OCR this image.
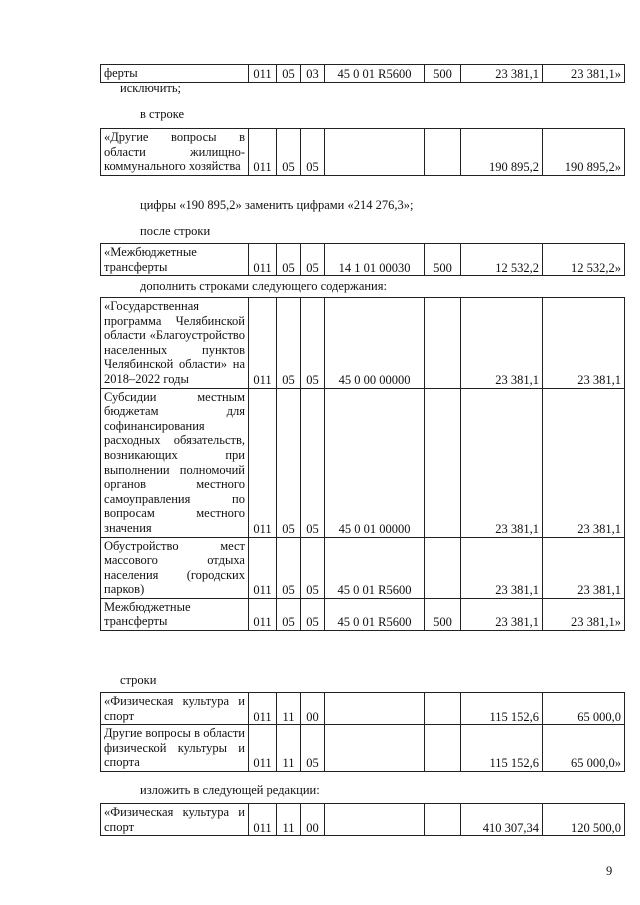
ферты	011	05	03	45 0 01 R5600	500	23 381,1	23 381,1»
исключить;
в строке
«Другие вопросы в области жилищно-коммунального хозяйства	011	05	05			190 895,2	190 895,2»
цифры «190 895,2» заменить цифрами «214 276,3»;
после строки
«Межбюджетные трансферты	011	05	05	14 1 01 00030	500	12 532,2	12 532,2»
дополнить строками следующего содержания:
«Государственная программа Челябинской области «Благоустройство населенных пунктов Челябинской области» на 2018–2022 годы	011	05	05	45 0 00 00000		23 381,1	23 381,1
Субсидии местным бюджетам для софинансирования расходных обязательств, возникающих при выполнении полномочий органов местного самоуправления по вопросам местного значения	011	05	05	45 0 01 00000		23 381,1	23 381,1
Обустройство мест массового отдыха населения (городских парков)	011	05	05	45 0 01 R5600		23 381,1	23 381,1
Межбюджетные трансферты	011	05	05	45 0 01 R5600	500	23 381,1	23 381,1»
строки
«Физическая культура и спорт	011	11	00			115 152,6	65 000,0
Другие вопросы в области физической культуры и спорта	011	11	05			115 152,6	65 000,0»
изложить в следующей редакции:
«Физическая культура и спорт	011	11	00			410 307,34	120 500,0
9
